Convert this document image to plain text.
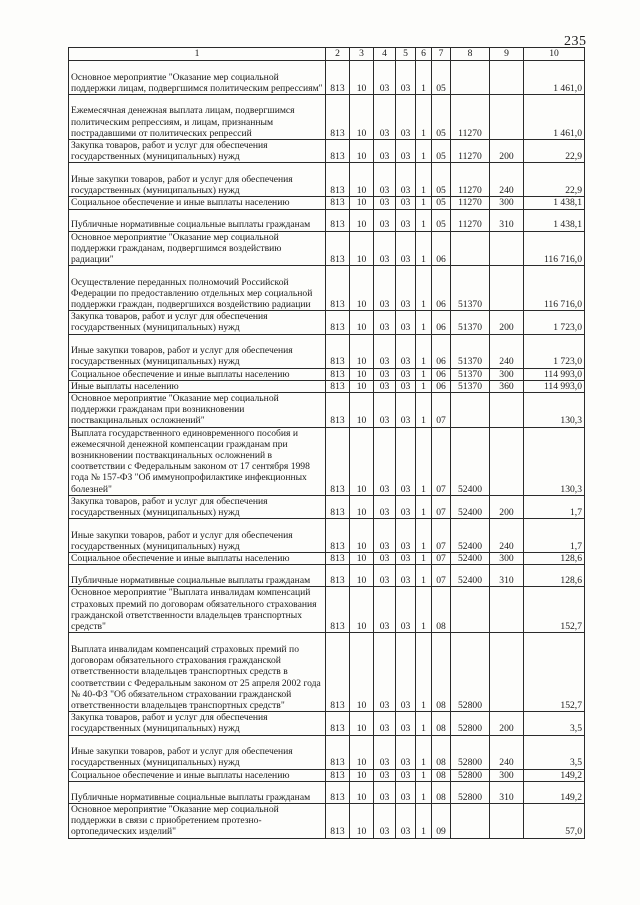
235
1	2	3	4	5	6	7	8	9	10

Основное мероприятие "Оказание мер социальной поддержки лицам, подвергшимся политическим репрессиям"	813	10	03	03	1	05			1 461,0

Ежемесячная денежная выплата лицам, подвергшимся политическим репрессиям, и лицам, признанным пострадавшими от политических репрессий	813	10	03	03	1	05	11270		1 461,0

Закупка товаров, работ и услуг для обеспечения государственных (муниципальных) нужд	813	10	03	03	1	05	11270	200	22,9

Иные закупки товаров, работ и услуг для обеспечения государственных (муниципальных) нужд	813	10	03	03	1	05	11270	240	22,9

Социальное обеспечение и иные выплаты населению	813	10	03	03	1	05	11270	300	1 438,1

Публичные нормативные социальные выплаты гражданам	813	10	03	03	1	05	11270	310	1 438,1

Основное мероприятие "Оказание мер социальной поддержки гражданам, подвергшимся воздействию радиации"	813	10	03	03	1	06			116 716,0

Осуществление переданных полномочий Российской Федерации по предоставлению отдельных мер социальной поддержки граждан, подвергшихся воздействию радиации	813	10	03	03	1	06	51370		116 716,0

Закупка товаров, работ и услуг для обеспечения государственных (муниципальных) нужд	813	10	03	03	1	06	51370	200	1 723,0

Иные закупки товаров, работ и услуг для обеспечения государственных (муниципальных) нужд	813	10	03	03	1	06	51370	240	1 723,0

Социальное обеспечение и иные выплаты населению	813	10	03	03	1	06	51370	300	114 993,0

Иные выплаты населению	813	10	03	03	1	06	51370	360	114 993,0

Основное мероприятие "Оказание мер социальной поддержки гражданам при возникновении поствакцинальных осложнений"	813	10	03	03	1	07			130,3

Выплата государственного единовременного пособия и ежемесячной денежной компенсации гражданам при возникновении поствакцинальных осложнений в соответствии с Федеральным законом от 17 сентября 1998 года № 157-ФЗ "Об иммунопрофилактике инфекционных болезней"	813	10	03	03	1	07	52400		130,3

Закупка товаров, работ и услуг для обеспечения государственных (муниципальных) нужд	813	10	03	03	1	07	52400	200	1,7

Иные закупки товаров, работ и услуг для обеспечения государственных (муниципальных) нужд	813	10	03	03	1	07	52400	240	1,7

Социальное обеспечение и иные выплаты населению	813	10	03	03	1	07	52400	300	128,6

Публичные нормативные социальные выплаты гражданам	813	10	03	03	1	07	52400	310	128,6

Основное мероприятие "Выплата инвалидам компенсаций страховых премий по договорам обязательного страхования гражданской ответственности владельцев транспортных средств"	813	10	03	03	1	08			152,7

Выплата инвалидам компенсаций страховых премий по договорам обязательного страхования гражданской ответственности владельцев транспортных средств в соответствии с Федеральным законом от 25 апреля 2002 года № 40-ФЗ "Об обязательном страховании гражданской ответственности владельцев транспортных средств"	813	10	03	03	1	08	52800		152,7

Закупка товаров, работ и услуг для обеспечения государственных (муниципальных) нужд	813	10	03	03	1	08	52800	200	3,5

Иные закупки товаров, работ и услуг для обеспечения государственных (муниципальных) нужд	813	10	03	03	1	08	52800	240	3,5

Социальное обеспечение и иные выплаты населению	813	10	03	03	1	08	52800	300	149,2

Публичные нормативные социальные выплаты гражданам	813	10	03	03	1	08	52800	310	149,2

Основное мероприятие "Оказание мер социальной поддержки в связи с приобретением протезно-ортопедических изделий"	813	10	03	03	1	09			57,0
